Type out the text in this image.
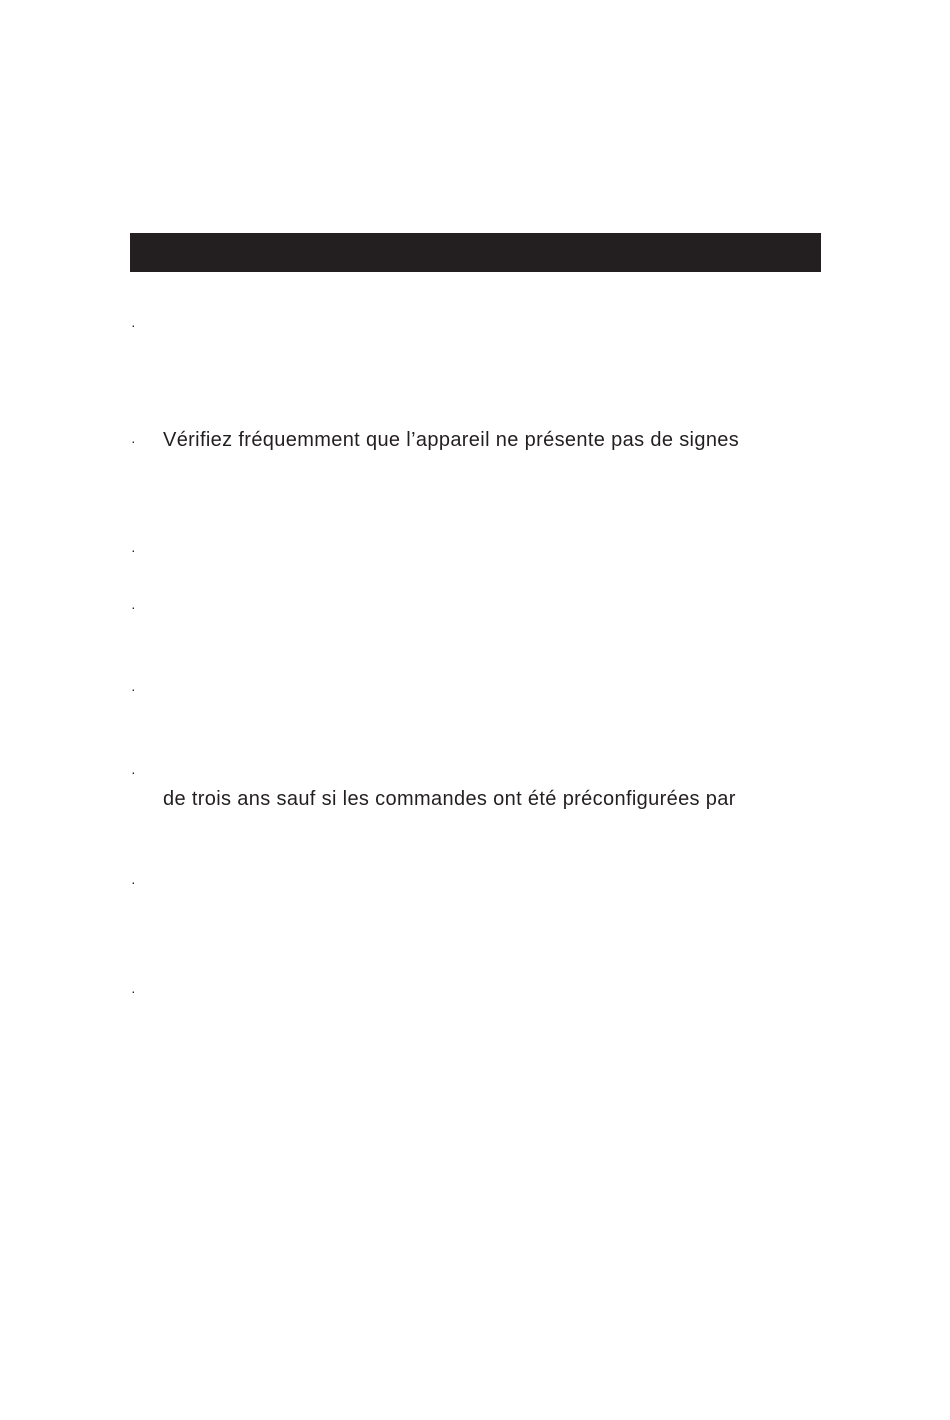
·
·
·
·
·
·
·
·
Vérifiez fréquemment que l’appareil ne présente pas de signes
de trois ans sauf si les commandes ont été préconfigurées par
